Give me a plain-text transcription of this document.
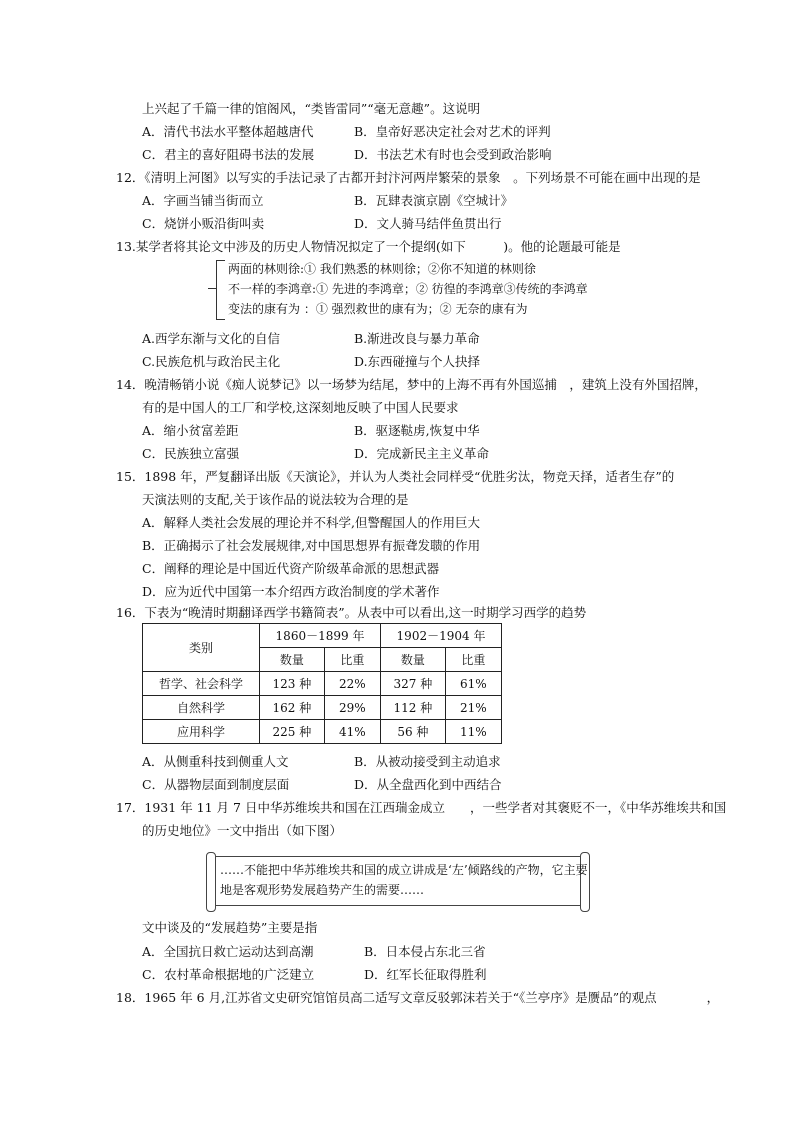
上兴起了千篇一律的馆阁风，“类皆雷同”“毫无意趣”。这说明
A．清代书法水平整体超越唐代	B．皇帝好恶决定社会对艺术的评判
C．君主的喜好阻碍书法的发展	D．书法艺术有时也会受到政治影响
12．《清明上河图》以写实的手法记录了古都开封汴河两岸繁荣的景象　。下列场景不可能在画中出现的是
A．字画当铺当街而立	B．瓦肆表演京剧《空城计》
C．烧饼小贩沿街叫卖	D．文人骑马结伴鱼贯出行
13.某学者将其论文中涉及的历史人物情况拟定了一个提纲(如下　　　)。他的论题最可能是
两面的林则徐:① 我们熟悉的林则徐；②你不知道的林则徐
不一样的李鸿章:① 先进的李鸿章；② 彷徨的李鸿章③传统的李鸿章
变法的康有为 ：① 强烈救世的康有为；② 无奈的康有为
A.西学东渐与文化的自信	B.渐进改良与暴力革命
C.民族危机与政治民主化	D.东西碰撞与个人抉择
14．晚清畅销小说《痴人说梦记》以一场梦为结尾，梦中的上海不再有外国巡捕　，建筑上没有外国招牌，
有的是中国人的工厂和学校,这深刻地反映了中国人民要求
A．缩小贫富差距	B．驱逐鞑虏,恢复中华
C．民族独立富强	D．完成新民主主义革命
15．1898 年，严复翻译出版《天演论》，并认为人类社会同样受“优胜劣汰，物竞天择，适者生存”的
天演法则的支配,关于该作品的说法较为合理的是
A．解释人类社会发展的理论并不科学,但警醒国人的作用巨大
B．正确揭示了社会发展规律,对中国思想界有振聋发聩的作用
C．阐释的理论是中国近代资产阶级革命派的思想武器
D．应为近代中国第一本介绍西方政治制度的学术著作
16．下表为“晚清时期翻译西学书籍简表”。从表中可以看出,这一时期学习西学的趋势
类别	1860－1899 年		1902－1904 年	
	数量	比重	数量	比重
哲学、社会科学	123 种	22%	327 种	61%
自然科学	162 种	29%	112 种	21%
应用科学	225 种	41%	56 种	11%
A．从侧重科技到侧重人文	B．从被动接受到主动追求
C．从器物层面到制度层面	D．从全盘西化到中西结合
17．1931 年 11 月 7 日中华苏维埃共和国在江西瑞金成立　　，一些学者对其褒贬不一，《中华苏维埃共和国
的历史地位》一文中指出（如下图）
……不能把中华苏维埃共和国的成立讲成是‘左’倾路线的产物，它主要
地是客观形势发展趋势产生的需要……
文中谈及的“发展趋势”主要是指
A．全国抗日救亡运动达到高潮	B．日本侵占东北三省
C．农村革命根据地的广泛建立	D．红军长征取得胜利
18．1965 年 6 月,江苏省文史研究馆馆员高二适写文章反驳郭沫若关于“《兰亭序》是赝品”的观点　　　　，
